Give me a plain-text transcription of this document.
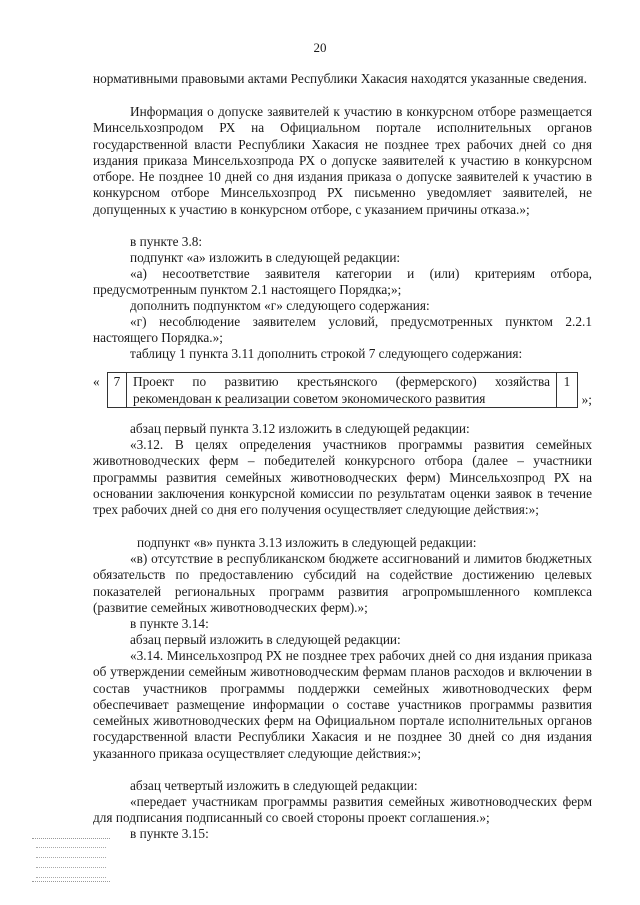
20

нормативными правовыми актами Республики Хакасия находятся указанные сведения.

Информация о допуске заявителей к участию в конкурсном отборе размещается Минсельхозпродом РХ на Официальном портале исполнительных органов государственной власти Республики Хакасия не позднее трех рабочих дней со дня издания приказа Минсельхозпрода РХ о допуске заявителей к участию в конкурсном отборе. Не позднее 10 дней со дня издания приказа о допуске заявителей к участию в конкурсном отборе Минсельхозпрод РХ письменно уведомляет заявителей, не допущенных к участию в конкурсном отборе, с указанием причины отказа.»;

в пункте 3.8:
подпункт «а» изложить в следующей редакции:

«а) несоответствие заявителя категории и (или) критериям отбора, предусмотренным пунктом 2.1 настоящего Порядка;»;

дополнить подпунктом «г» следующего содержания:

«г) несоблюдение заявителем условий, предусмотренных пунктом 2.2.1 настоящего Порядка.»;

таблицу 1 пункта 3.11 дополнить строкой 7 следующего содержания:
«	7 Проект по развитию крестьянского (фермерского) хозяйства
рекомендован к реализации советом экономического развития
1
»;
абзац первый пункта 3.12 изложить в следующей редакции:

«3.12. В целях определения участников программы развития семейных животноводческих ферм – победителей конкурсного отбора (далее – участники программы развития семейных животноводческих ферм) Минсельхозпрод РХ на основании заключения конкурсной комиссии по результатам оценки заявок в течение трех рабочих дней со дня его получения осуществляет следующие действия:»;

подпункт «в» пункта 3.13 изложить в следующей редакции:

«в) отсутствие в республиканском бюджете ассигнований и лимитов бюджетных обязательств по предоставлению субсидий на содействие достижению целевых показателей региональных программ развития агропромышленного комплекса (развитие семейных животноводческих ферм).»;

в пункте 3.14:
абзац первый изложить в следующей редакции:

«3.14. Минсельхозпрод РХ не позднее трех рабочих дней со дня издания приказа об утверждении семейным животноводческим фермам планов расходов и включении в состав участников программы поддержки семейных животноводческих ферм обеспечивает размещение информации о составе участников программы развития семейных животноводческих ферм на Официальном портале исполнительных органов государственной власти Республики Хакасия и не позднее 30 дней со дня издания указанного приказа осуществляет следующие действия:»;

абзац четвертый изложить в следующей редакции:

«передает участникам программы развития семейных животноводческих ферм для подписания подписанный со своей стороны проект соглашения.»;

в пункте 3.15:
